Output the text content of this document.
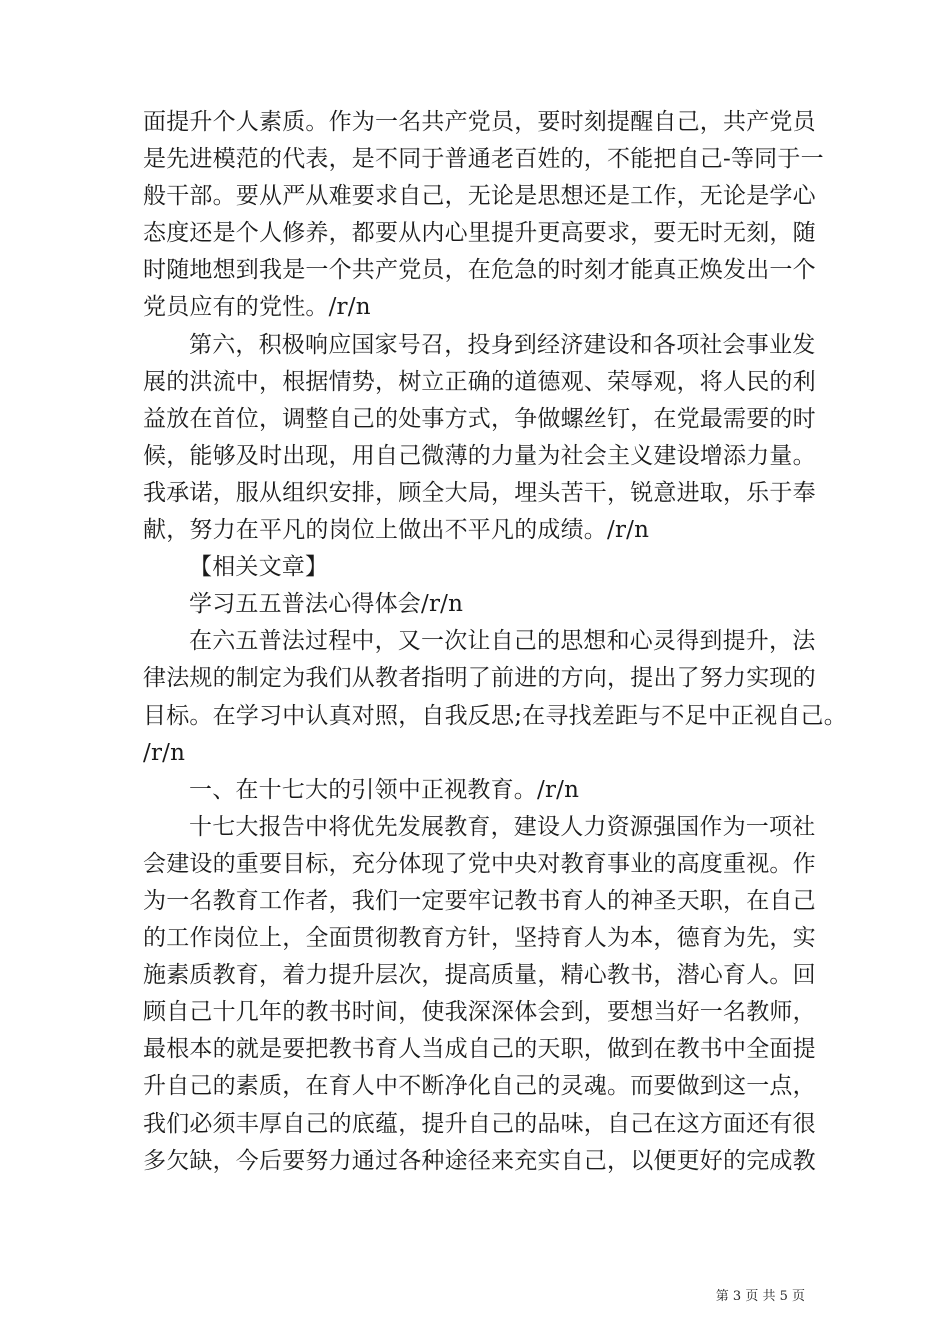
面提升个人素质。作为一名共产党员，要时刻提醒自己，共产党员
是先进模范的代表，是不同于普通老百姓的，不能把自己-等同于一
般干部。要从严从难要求自己，无论是思想还是工作，无论是学心
态度还是个人修养，都要从内心里提升更高要求，要无时无刻，随
时随地想到我是一个共产党员，在危急的时刻才能真正焕发出一个
党员应有的党性。/r/n
第六，积极响应国家号召，投身到经济建设和各项社会事业发
展的洪流中，根据情势，树立正确的道德观、荣辱观，将人民的利
益放在首位，调整自己的处事方式，争做螺丝钉，在党最需要的时
候，能够及时出现，用自己微薄的力量为社会主义建设增添力量。
我承诺，服从组织安排，顾全大局，埋头苦干，锐意进取，乐于奉
献，努力在平凡的岗位上做出不平凡的成绩。/r/n
【相关文章】
学习五五普法心得体会/r/n
在六五普法过程中，又一次让自己的思想和心灵得到提升，法
律法规的制定为我们从教者指明了前进的方向，提出了努力实现的
目标。在学习中认真对照，自我反思;在寻找差距与不足中正视自己。
/r/n
一、在十七大的引领中正视教育。/r/n
十七大报告中将优先发展教育，建设人力资源强国作为一项社
会建设的重要目标，充分体现了党中央对教育事业的高度重视。作
为一名教育工作者，我们一定要牢记教书育人的神圣天职，在自己
的工作岗位上，全面贯彻教育方针，坚持育人为本，德育为先，实
施素质教育，着力提升层次，提高质量，精心教书，潜心育人。回
顾自己十几年的教书时间，使我深深体会到，要想当好一名教师，
最根本的就是要把教书育人当成自己的天职，做到在教书中全面提
升自己的素质，在育人中不断净化自己的灵魂。而要做到这一点，
我们必须丰厚自己的底蕴，提升自己的品味，自己在这方面还有很
多欠缺，今后要努力通过各种途径来充实自己，以便更好的完成教
第 3 页 共 5 页
